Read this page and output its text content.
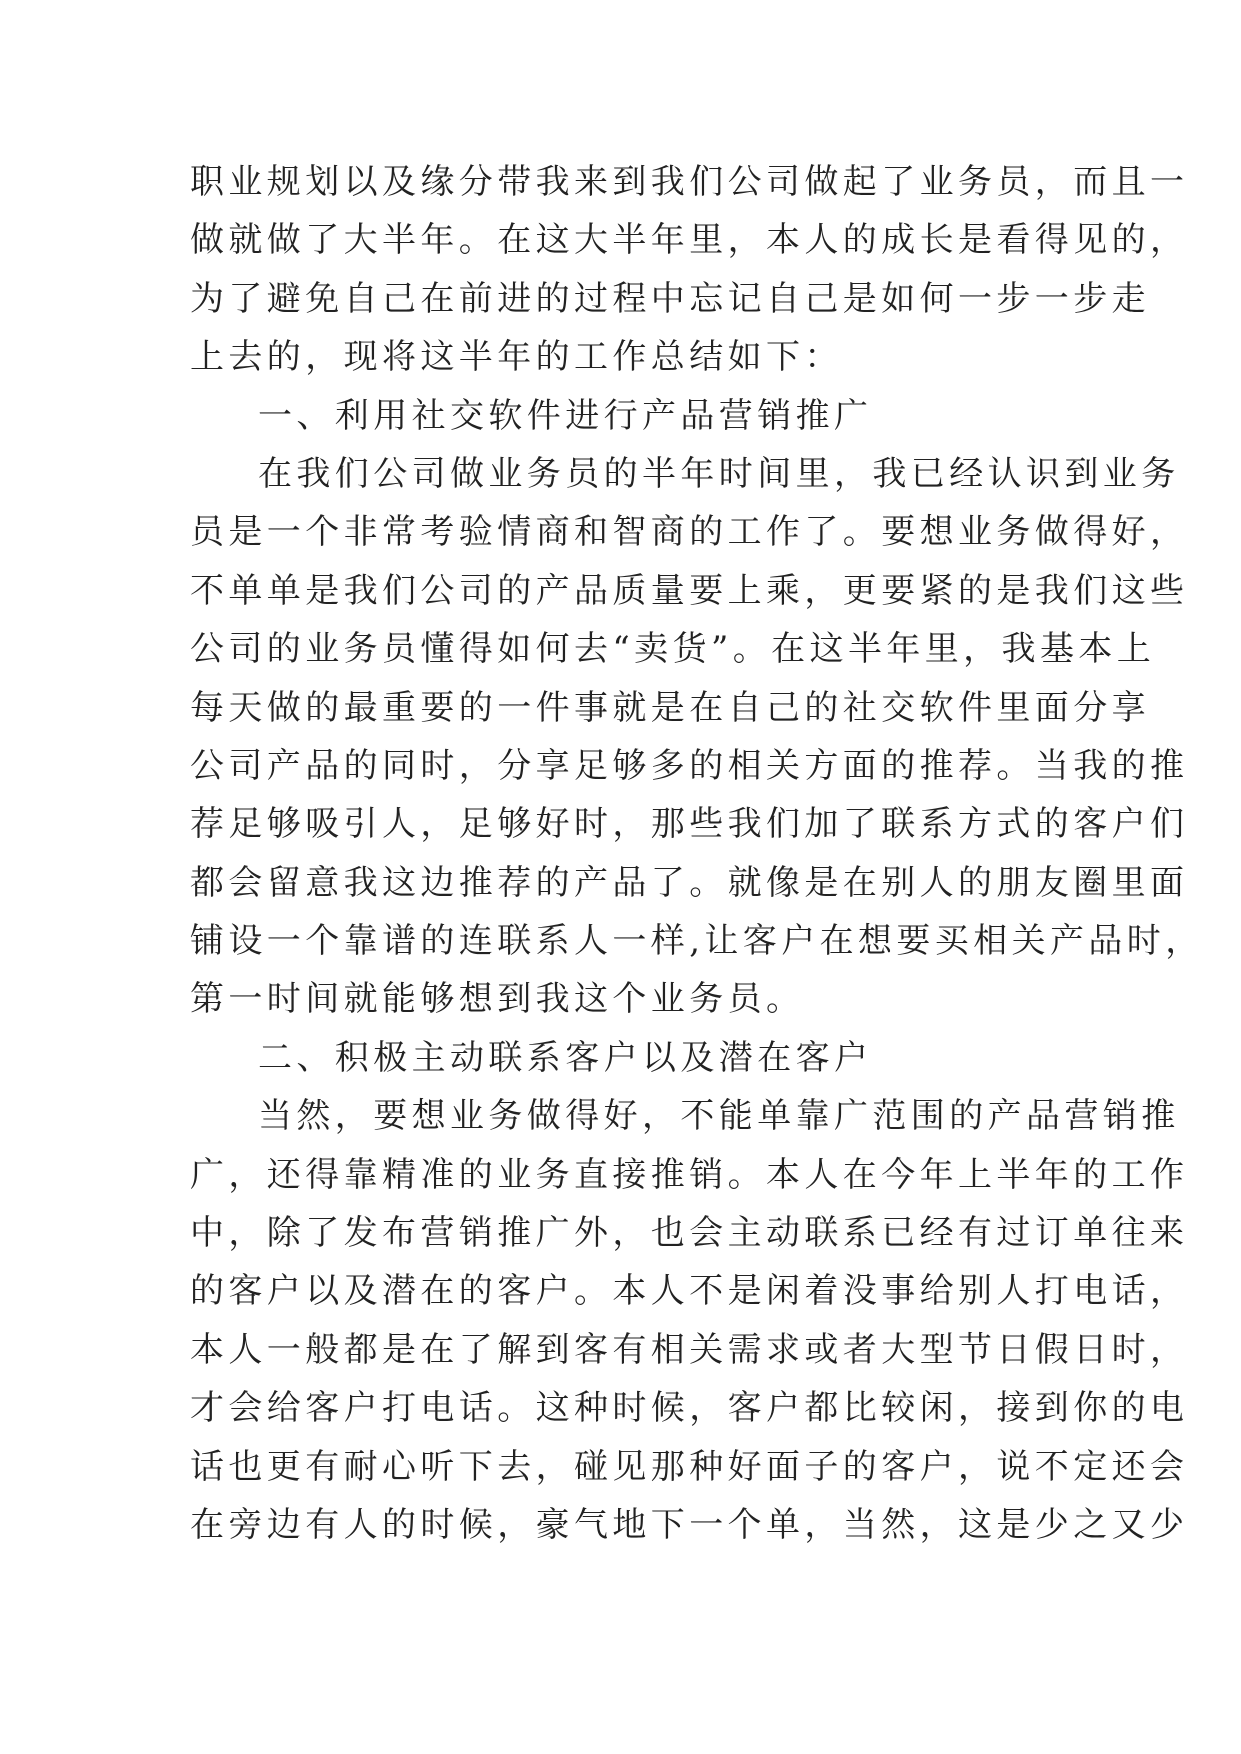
职业规划以及缘分带我来到我们公司做起了业务员，而且一
做就做了大半年。在这大半年里，本人的成长是看得见的，
为了避免自己在前进的过程中忘记自己是如何一步一步走
上去的，现将这半年的工作总结如下：
一、利用社交软件进行产品营销推广
在我们公司做业务员的半年时间里，我已经认识到业务
员是一个非常考验情商和智商的工作了。要想业务做得好，
不单单是我们公司的产品质量要上乘，更要紧的是我们这些
公司的业务员懂得如何去“卖货”。在这半年里，我基本上
每天做的最重要的一件事就是在自己的社交软件里面分享
公司产品的同时，分享足够多的相关方面的推荐。当我的推
荐足够吸引人，足够好时，那些我们加了联系方式的客户们
都会留意我这边推荐的产品了。就像是在别人的朋友圈里面
铺设一个靠谱的连联系人一样,让客户在想要买相关产品时，
第一时间就能够想到我这个业务员。
二、积极主动联系客户以及潜在客户
当然，要想业务做得好，不能单靠广范围的产品营销推
广，还得靠精准的业务直接推销。本人在今年上半年的工作
中，除了发布营销推广外，也会主动联系已经有过订单往来
的客户以及潜在的客户。本人不是闲着没事给别人打电话，
本人一般都是在了解到客有相关需求或者大型节日假日时，
才会给客户打电话。这种时候，客户都比较闲，接到你的电
话也更有耐心听下去，碰见那种好面子的客户，说不定还会
在旁边有人的时候，豪气地下一个单，当然，这是少之又少
